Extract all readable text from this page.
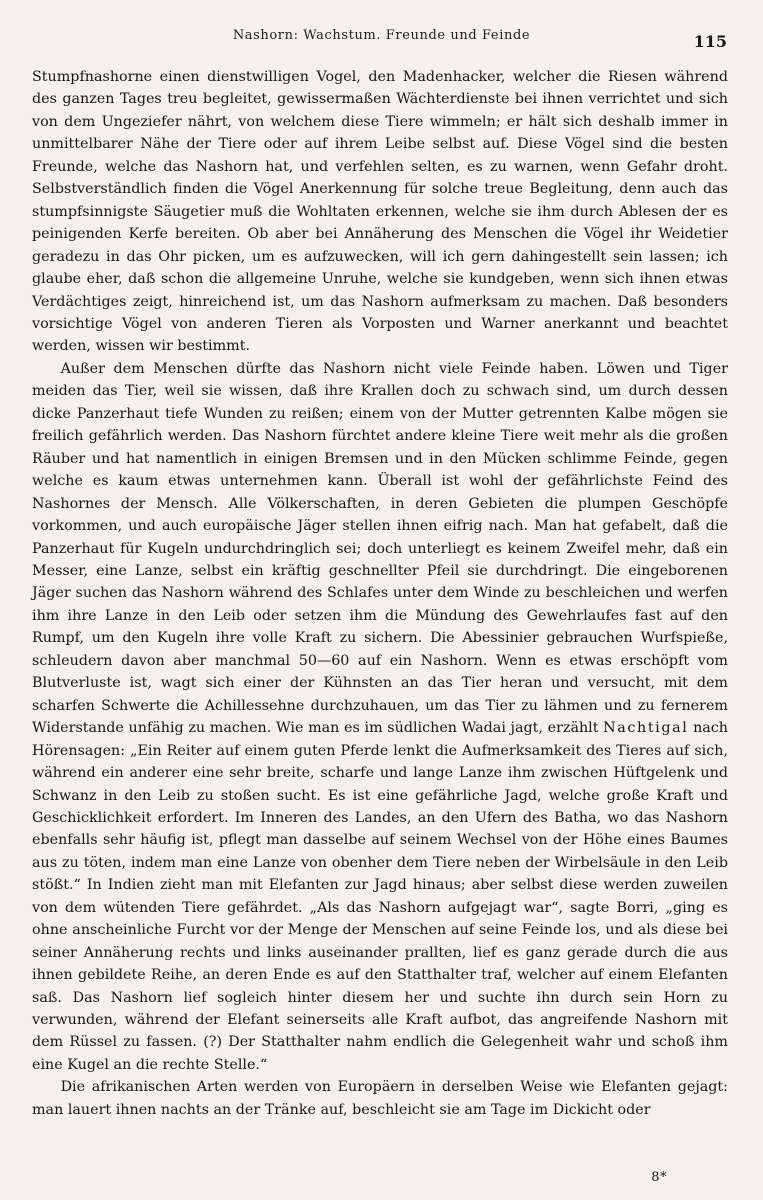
Nashorn: Wachstum. Freunde und Feinde	115

Stumpfnashorne einen dienstwilligen Vogel, den Madenhacker, welcher die Riesen während des ganzen Tages treu begleitet, gewissermaßen Wächterdienste bei ihnen verrichtet und sich von dem Ungeziefer nährt, von welchem diese Tiere wimmeln; er hält sich deshalb immer in unmittelbarer Nähe der Tiere oder auf ihrem Leibe selbst auf. Diese Vögel sind die besten Freunde, welche das Nashorn hat, und verfehlen selten, es zu warnen, wenn Gefahr droht. Selbstverständlich finden die Vögel Anerkennung für solche treue Begleitung, denn auch das stumpfsinnigste Säugetier muß die Wohltaten erkennen, welche sie ihm durch Ablesen der es peinigenden Kerfe bereiten. Ob aber bei Annäherung des Menschen die Vögel ihr Weidetier geradezu in das Ohr picken, um es aufzuwecken, will ich gern dahingestellt sein lassen; ich glaube eher, daß schon die allgemeine Unruhe, welche sie kundgeben, wenn sich ihnen etwas Verdächtiges zeigt, hinreichend ist, um das Nashorn aufmerksam zu machen. Daß besonders vorsichtige Vögel von anderen Tieren als Vorposten und Warner anerkannt und beachtet werden, wissen wir bestimmt.

Außer dem Menschen dürfte das Nashorn nicht viele Feinde haben. Löwen und Tiger meiden das Tier, weil sie wissen, daß ihre Krallen doch zu schwach sind, um durch dessen dicke Panzerhaut tiefe Wunden zu reißen; einem von der Mutter getrennten Kalbe mögen sie freilich gefährlich werden. Das Nashorn fürchtet andere kleine Tiere weit mehr als die großen Räuber und hat namentlich in einigen Bremsen und in den Mücken schlimme Feinde, gegen welche es kaum etwas unternehmen kann. Überall ist wohl der gefährlichste Feind des Nashornes der Mensch. Alle Völkerschaften, in deren Gebieten die plumpen Geschöpfe vorkommen, und auch europäische Jäger stellen ihnen eifrig nach. Man hat gefabelt, daß die Panzerhaut für Kugeln undurchdringlich sei; doch unterliegt es keinem Zweifel mehr, daß ein Messer, eine Lanze, selbst ein kräftig geschnellter Pfeil sie durchdringt. Die eingeborenen Jäger suchen das Nashorn während des Schlafes unter dem Winde zu beschleichen und werfen ihm ihre Lanze in den Leib oder setzen ihm die Mündung des Gewehrlaufes fast auf den Rumpf, um den Kugeln ihre volle Kraft zu sichern. Die Abessinier gebrauchen Wurfspieße, schleudern davon aber manchmal 50—60 auf ein Nashorn. Wenn es etwas erschöpft vom Blutverluste ist, wagt sich einer der Kühnsten an das Tier heran und versucht, mit dem scharfen Schwerte die Achillessehne durchzuhauen, um das Tier zu lähmen und zu fernerem Widerstande unfähig zu machen. Wie man es im südlichen Wadai jagt, erzählt Nachtigal nach Hörensagen: „Ein Reiter auf einem guten Pferde lenkt die Aufmerksamkeit des Tieres auf sich, während ein anderer eine sehr breite, scharfe und lange Lanze ihm zwischen Hüftgelenk und Schwanz in den Leib zu stoßen sucht. Es ist eine gefährliche Jagd, welche große Kraft und Geschicklichkeit erfordert. Im Inneren des Landes, an den Ufern des Batha, wo das Nashorn ebenfalls sehr häufig ist, pflegt man dasselbe auf seinem Wechsel von der Höhe eines Baumes aus zu töten, indem man eine Lanze von obenher dem Tiere neben der Wirbelsäule in den Leib stößt.“ In Indien zieht man mit Elefanten zur Jagd hinaus; aber selbst diese werden zuweilen von dem wütenden Tiere gefährdet. „Als das Nashorn aufgejagt war“, sagte Borri, „ging es ohne anscheinliche Furcht vor der Menge der Menschen auf seine Feinde los, und als diese bei seiner Annäherung rechts und links auseinander prallten, lief es ganz gerade durch die aus ihnen gebildete Reihe, an deren Ende es auf den Statthalter traf, welcher auf einem Elefanten saß. Das Nashorn lief sogleich hinter diesem her und suchte ihn durch sein Horn zu verwunden, während der Elefant seinerseits alle Kraft aufbot, das angreifende Nashorn mit dem Rüssel zu fassen. (?) Der Statthalter nahm endlich die Gelegenheit wahr und schoß ihm eine Kugel an die rechte Stelle.“

Die afrikanischen Arten werden von Europäern in derselben Weise wie Elefanten gejagt: man lauert ihnen nachts an der Tränke auf, beschleicht sie am Tage im Dickicht oder

8*
